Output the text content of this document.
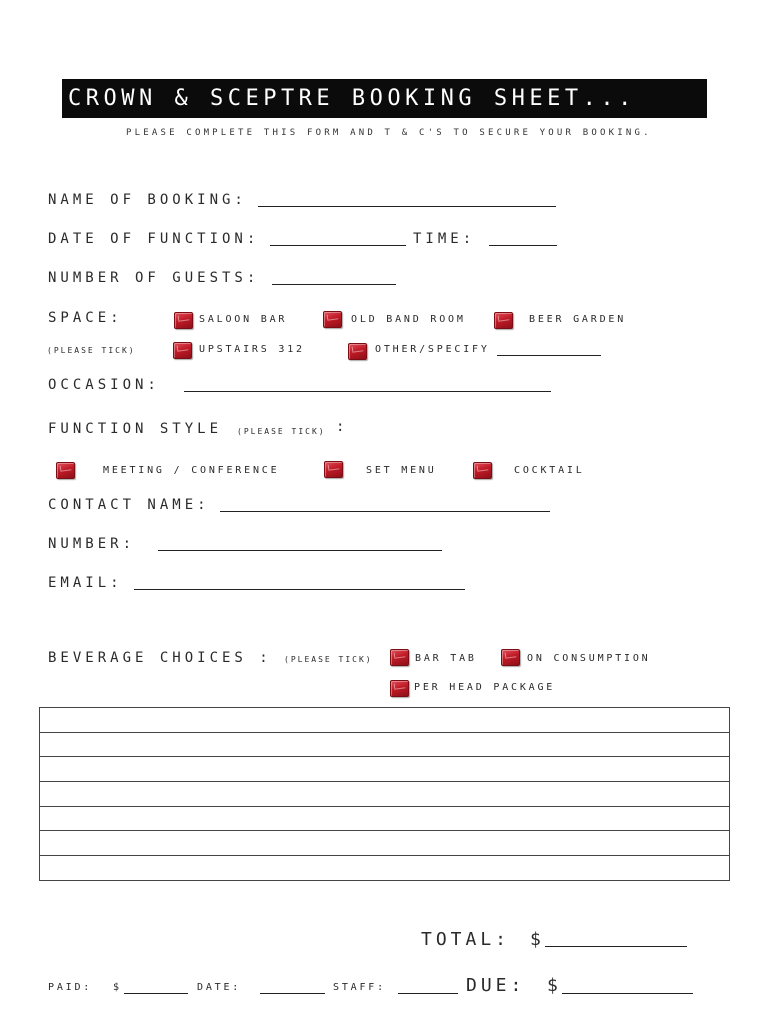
CROWN & SCEPTRE BOOKING SHEET...
PLEASE COMPLETE THIS FORM AND T & C'S TO SECURE YOUR BOOKING.
NAME OF BOOKING:
DATE OF FUNCTION:	TIME:
NUMBER OF GUESTS:
SPACE:	SALOON BAR	OLD BAND ROOM	BEER GARDEN
(PLEASE TICK)	UPSTAIRS 312	OTHER/SPECIFY
OCCASION:
FUNCTION STYLE (PLEASE TICK) :
MEETING / CONFERENCE	SET MENU	COCKTAIL
CONTACT NAME:
NUMBER:
EMAIL:
BEVERAGE CHOICES : (PLEASE TICK)	BAR TAB	ON CONSUMPTION
PER HEAD PACKAGE
TOTAL: $
PAID: $	DATE:	STAFF:	DUE: $
